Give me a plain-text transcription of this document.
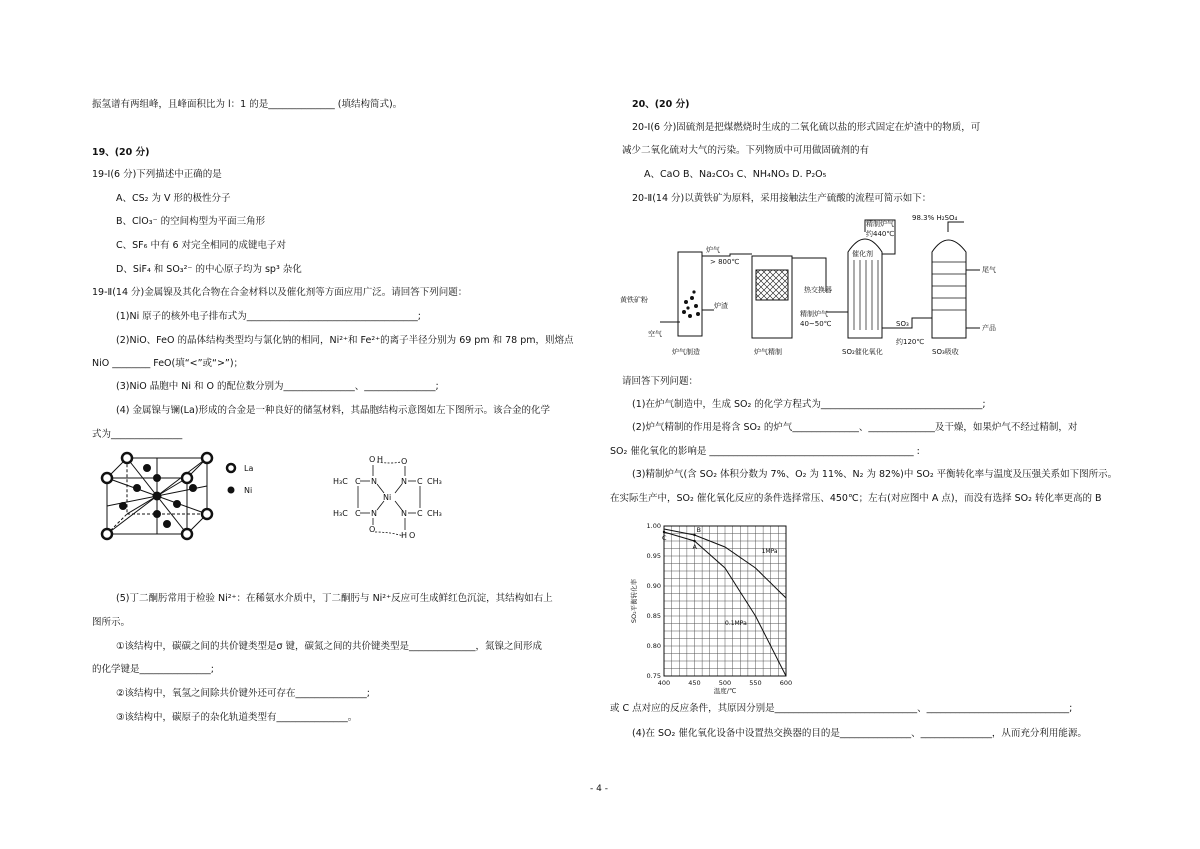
振氢谱有两组峰，且峰面积比为 l：1 的是______________ (填结构简式)。
19、(20 分)
19-I(6 分)下列描述中正确的是
A、CS₂ 为 V 形的极性分子
B、ClO₃⁻ 的空间构型为平面三角形
C、SF₆ 中有 6 对完全相同的成键电子对
D、SiF₄ 和 SO₃²⁻ 的中心原子均为 sp³ 杂化
19-Ⅱ(14 分)金属镍及其化合物在合金材料以及催化剂等方面应用广泛。请回答下列问题：
(1)Ni 原子的核外电子排布式为____________________________________;
(2)NiO、FeO 的晶体结构类型均与氯化钠的相同，Ni²⁺和 Fe²⁺的离子半径分别为 69 pm 和 78 pm，则熔点
NiO ________ FeO(填“<”或“>”)；
(3)NiO 晶胞中 Ni 和 O 的配位数分别为_______________、_______________;
(4) 金属镍与镧(La)形成的合金是一种良好的储氢材料，其晶胞结构示意图如左下图所示。该合金的化学
式为_______________
La
Ni
O H
H₃C
H₃C
C
C
N
N
Ni
N
N
C
C
CH₃
CH₃
O
O
H O
(5)丁二酮肟常用于检验 Ni²⁺：在稀氨水介质中，丁二酮肟与 Ni²⁺反应可生成鲜红色沉淀，其结构如右上
图所示。
①该结构中，碳碳之间的共价键类型是σ 键，碳氮之间的共价键类型是______________，氮镍之间形成
的化学键是_______________;
②该结构中，氧氢之间除共价键外还可存在_______________;
③该结构中，碳原子的杂化轨道类型有_______________。
20、(20 分)
20-Ⅰ(6 分)固硫剂是把煤燃烧时生成的二氧化硫以盐的形式固定在炉渣中的物质，可
减少二氧化硫对大气的污染。下列物质中可用做固硫剂的有
A、CaO B、Na₂CO₃ C、NH₄NO₃ D. P₂O₅
20-Ⅱ(14 分)以黄铁矿为原料，采用接触法生产硫酸的流程可简示如下：
炉气
> 800℃
黄铁矿粉
空气
炉渣
炉气制造	炉气精制
精制炉气
约440℃
催化剂
热交换器
精制炉气
40~50℃	SO₃
约120℃
SO₂催化氧化
98.3% H₂SO₄
尾气
产品
SO₃吸收
请回答下列问题：
(1)在炉气制造中，生成 SO₂ 的化学方程式为__________________________________;
(2)炉气精制的作用是将含 SO₂ 的炉气______________、______________及干燥，如果炉气不经过精制，对
SO₂ 催化氧化的影响是 ___________________________________________ :
(3)精制炉气(含 SO₂ 体积分数为 7%、O₂ 为 11%、N₂ 为 82%)中 SO₂ 平衡转化率与温度及压强关系如下图所示。
在实际生产中，SO₂ 催化氧化反应的条件选择常压、450℃；左右(对应图中 A 点)，而没有选择 SO₂ 转化率更高的 B
400	450	500	550	600
0.75
0.80
0.85
0.90
0.95
1.00
温度/℃
SO₂平衡转化率
1MPa
0.1MPa
A
B
C
或 C 点对应的反应条件，其原因分别是______________________________、______________________________;
(4)在 SO₂ 催化氧化设备中设置热交换器的目的是_______________、_______________，从而充分利用能源。
- 4 -
